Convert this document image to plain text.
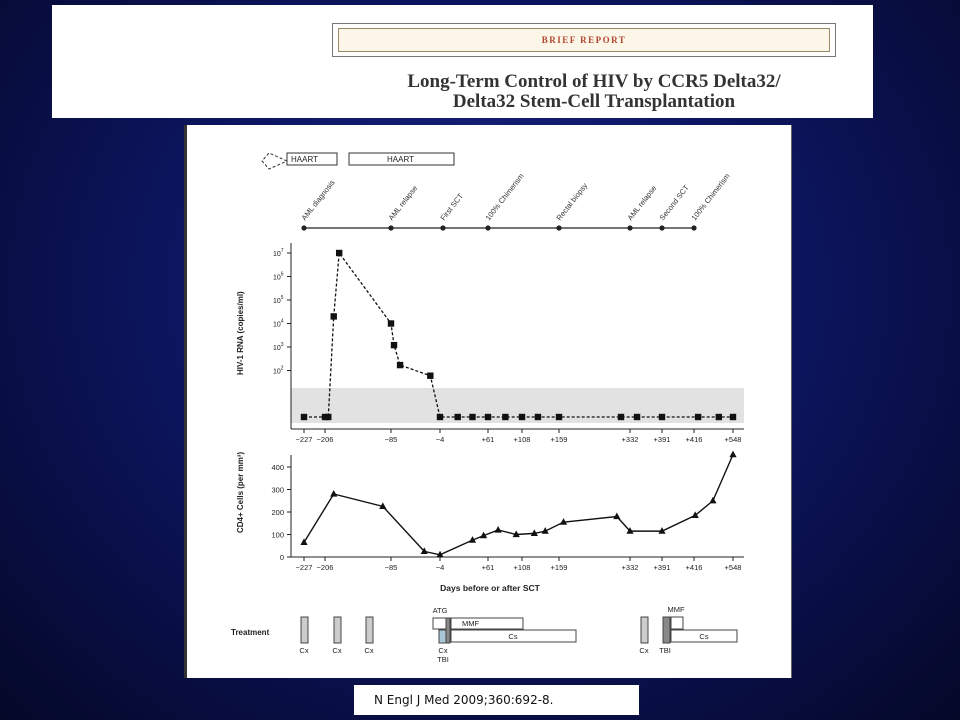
BRIEF REPORT
Long-Term Control of HIV by CCR5 Delta32/
Delta32 Stem-Cell Transplantation
HAART	HAART
AML diagnosis	AML relapse	First SCT 100% Chimerism	Rectal biopsy	AML relapse Second SCT
100% Chimerism
$10^7$
$10^6$
$10^5$
$10^4$
$10^3$
$10^2$
−227 −206	−85	−4	+61	+108	+159	+332 +391 +416	+548
HIV-1 RNA (copies/ml)
0
100
200
300
400
−227 −206	−85	−4	+61	+108	+159	+332 +391 +416	+548
CD4+ Cells (per mm³)
Days before or after SCT
Treatment
Cx	Cx	Cx
ATG
MMF
Cs
Cx
TBI
Cx TBI
MMF
Cs
N Engl J Med 2009;360:692-8.
